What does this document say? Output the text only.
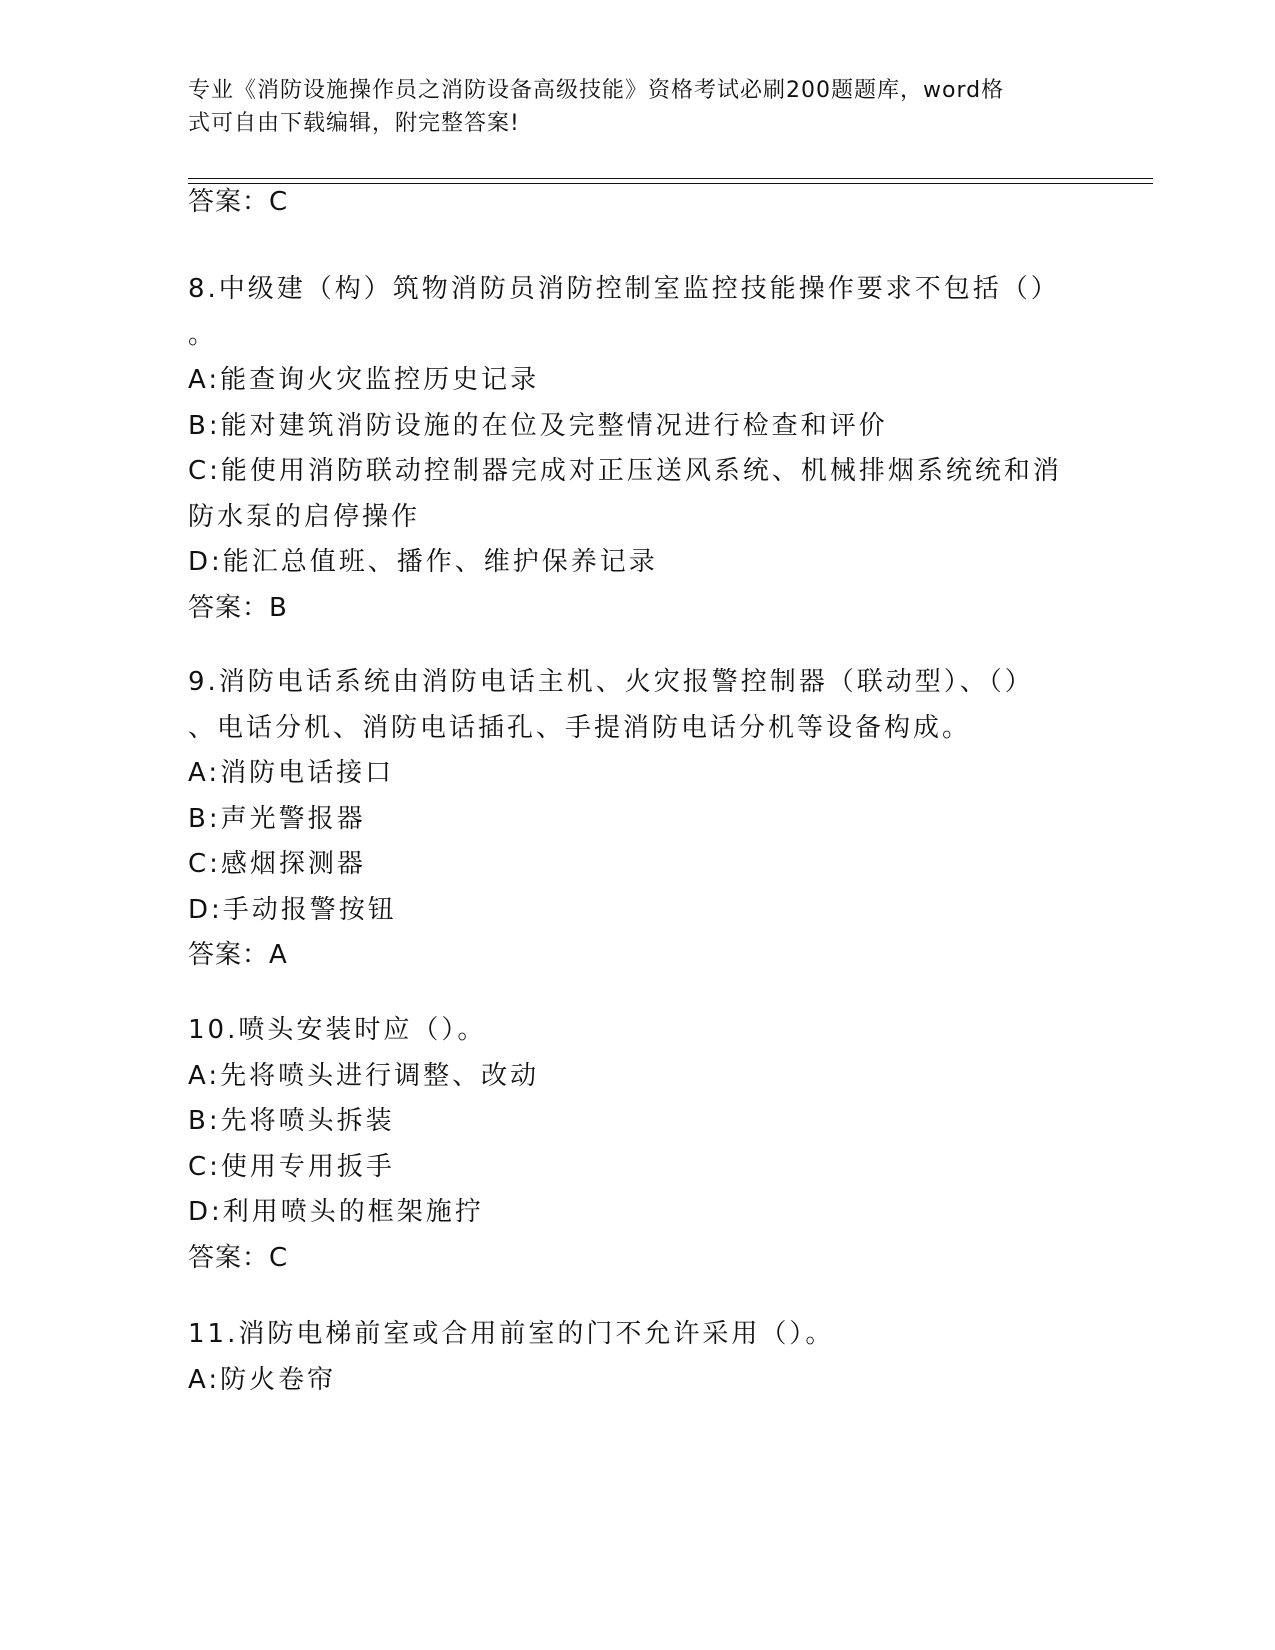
专业《消防设施操作员之消防设备高级技能》资格考试必刷200题题库，word格
式可自由下载编辑，附完整答案!

答案：C

8.中级建（构）筑物消防员消防控制室监控技能操作要求不包括（）

。

A:能查询火灾监控历史记录

B:能对建筑消防设施的在位及完整情况进行检查和评价

C:能使用消防联动控制器完成对正压送风系统、机械排烟系统统和消

防水泵的启停操作

D:能汇总值班、播作、维护保养记录

答案：B

9.消防电话系统由消防电话主机、火灾报警控制器（联动型）、（）

、电话分机、消防电话插孔、手提消防电话分机等设备构成。

A:消防电话接口

B:声光警报器

C:感烟探测器

D:手动报警按钮

答案：A

10.喷头安装时应（）。

A:先将喷头进行调整、改动

B:先将喷头拆装

C:使用专用扳手

D:利用喷头的框架施拧

答案：C

11.消防电梯前室或合用前室的门不允许采用（）。

A:防火卷帘
